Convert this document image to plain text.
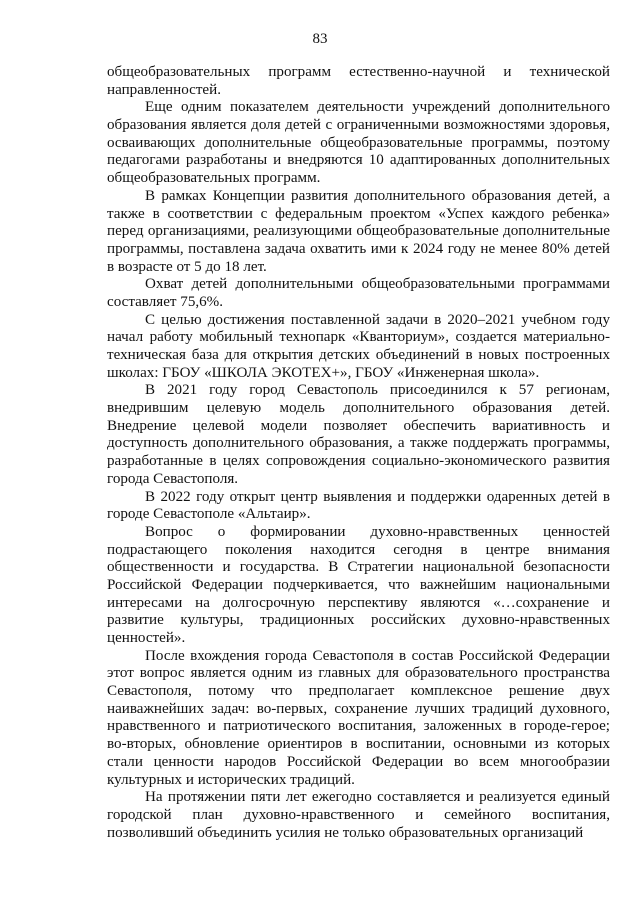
83

общеобразовательных программ естественно-научной и технической направленностей.

Еще одним показателем деятельности учреждений дополнительного образования является доля детей с ограниченными возможностями здоровья, осваивающих дополнительные общеобразовательные программы, поэтому педагогами разработаны и внедряются 10 адаптированных дополнительных общеобразовательных программ.

В рамках Концепции развития дополнительного образования детей, а также в соответствии с федеральным проектом «Успех каждого ребенка» перед организациями, реализующими общеобразовательные дополнительные программы, поставлена задача охватить ими к 2024 году не менее 80% детей в возрасте от 5 до 18 лет.

Охват детей дополнительными общеобразовательными программами составляет 75,6%.

С целью достижения поставленной задачи в 2020–2021 учебном году начал работу мобильный технопарк «Кванториум», создается материально-техническая база для открытия детских объединений в новых построенных школах: ГБОУ «ШКОЛА ЭКОТЕХ+», ГБОУ «Инженерная школа».

В 2021 году город Севастополь присоединился к 57 регионам, внедрившим целевую модель дополнительного образования детей. Внедрение целевой модели позволяет обеспечить вариативность и доступность дополнительного образования, а также поддержать программы, разработанные в целях сопровождения социально-экономического развития города Севастополя.

В 2022 году открыт центр выявления и поддержки одаренных детей в городе Севастополе «Альтаир».

Вопрос о формировании духовно-нравственных ценностей подрастающего поколения находится сегодня в центре внимания общественности и государства. В Стратегии национальной безопасности Российской Федерации подчеркивается, что важнейшим национальными интересами на долгосрочную перспективу являются «…сохранение и развитие культуры, традиционных российских духовно-нравственных ценностей».

После вхождения города Севастополя в состав Российской Федерации этот вопрос является одним из главных для образовательного пространства Севастополя, потому что предполагает комплексное решение двух наиважнейших задач: во-первых, сохранение лучших традиций духовного, нравственного и патриотического воспитания, заложенных в городе-герое; во-вторых, обновление ориентиров в воспитании, основными из которых стали ценности народов Российской Федерации во всем многообразии культурных и исторических традиций.

На протяжении пяти лет ежегодно составляется и реализуется единый городской план духовно-нравственного и семейного воспитания, позволивший объединить усилия не только образовательных организаций
